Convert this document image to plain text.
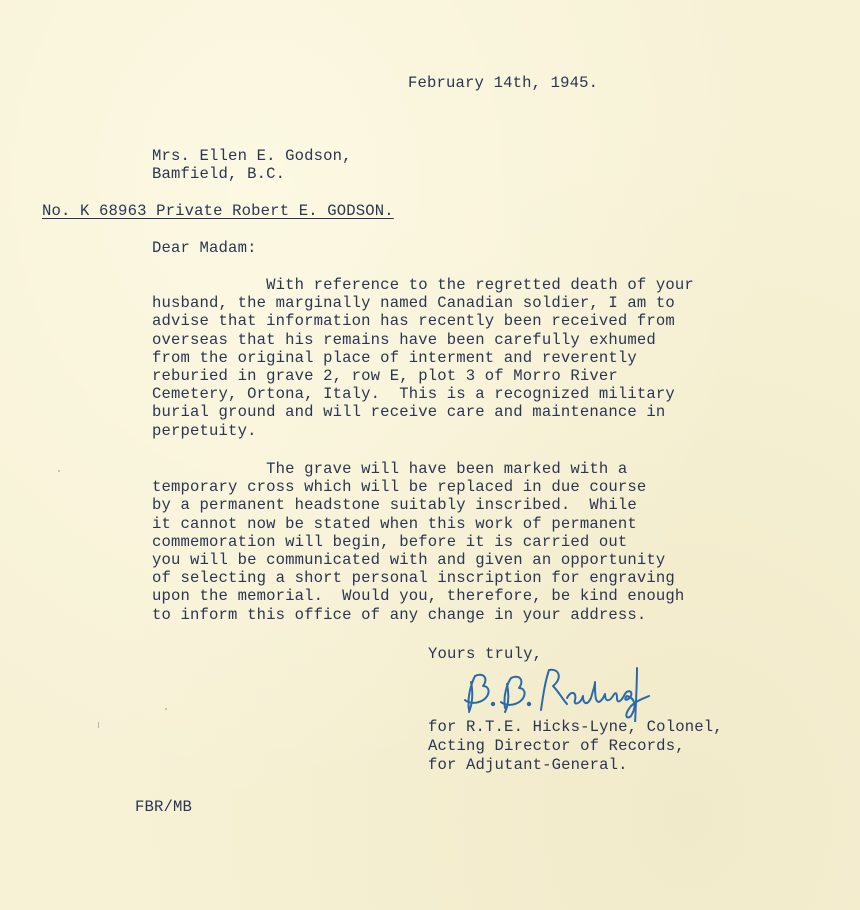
February 14th, 1945.
Mrs. Ellen E. Godson,
Bamfield, B.C.
No. K 68963 Private Robert E. GODSON.
Dear Madam:
With reference to the regretted death of your
husband, the marginally named Canadian soldier, I am to
advise that information has recently been received from
overseas that his remains have been carefully exhumed
from the original place of interment and reverently
reburied in grave 2, row E, plot 3 of Morro River
Cemetery, Ortona, Italy.  This is a recognized military
burial ground and will receive care and maintenance in
perpetuity.
The grave will have been marked with a
temporary cross which will be replaced in due course
by a permanent headstone suitably inscribed.  While
it cannot now be stated when this work of permanent
commemoration will begin, before it is carried out
you will be communicated with and given an opportunity
of selecting a short personal inscription for engraving
upon the memorial.  Would you, therefore, be kind enough
to inform this office of any change in your address.
Yours truly,
for R.T.E. Hicks-Lyne, Colonel,
Acting Director of Records,
for Adjutant-General.
FBR/MB
